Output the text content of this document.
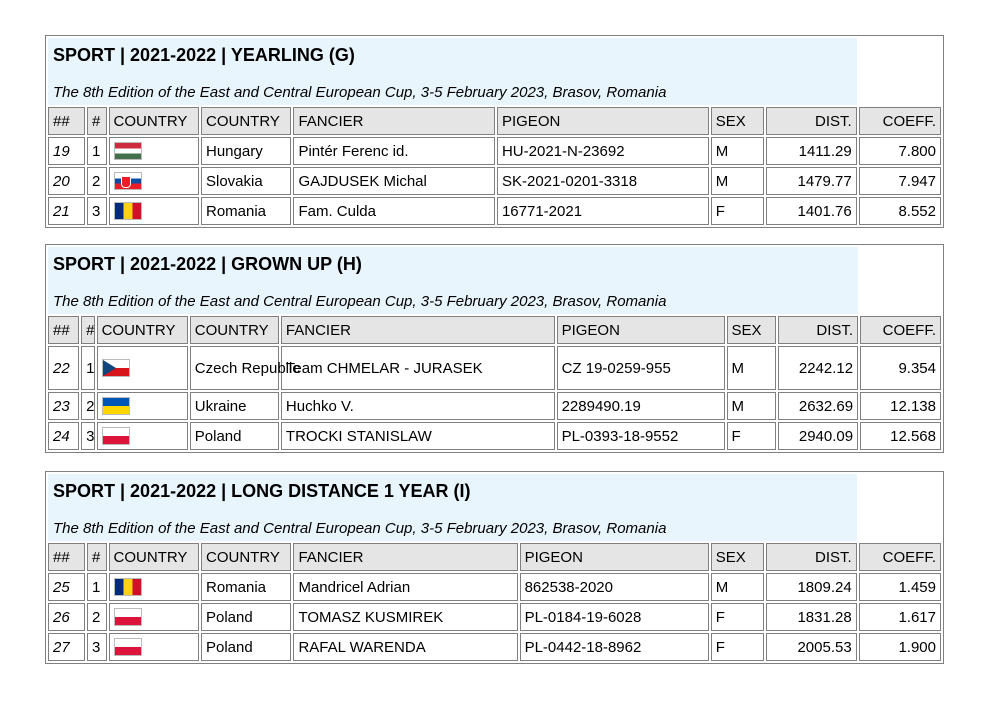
SPORT | 2021-2022 | YEARLING (G)
The 8th Edition of the East and Central European Cup, 3-5 February 2023, Brasov, Romania								

##	#	COUNTRY	COUNTRY	FANCIER	PIGEON	SEX	DIST.	COEFF.
19	1		Hungary	Pintér Ferenc id.	HU-2021-N-23692	M	1411.29	7.800
20	2		Slovakia	GAJDUSEK Michal	SK-2021-0201-3318	M	1479.77	7.947
21	3		Romania	Fam. Culda	16771-2021	F	1401.76	8.552
SPORT | 2021-2022 | GROWN UP (H)
The 8th Edition of the East and Central European Cup, 3-5 February 2023, Brasov, Romania								

##	#	COUNTRY	COUNTRY	FANCIER	PIGEON	SEX	DIST.	COEFF.
22	1		Czech Republic	Team CHMELAR - JURASEK	CZ 19-0259-955	M	2242.12	9.354
23	2		Ukraine	Huchko V.	2289490.19	M	2632.69	12.138
24	3		Poland	TROCKI STANISLAW	PL-0393-18-9552	F	2940.09	12.568
SPORT | 2021-2022 | LONG DISTANCE 1 YEAR (I)
The 8th Edition of the East and Central European Cup, 3-5 February 2023, Brasov, Romania								

##	#	COUNTRY	COUNTRY	FANCIER	PIGEON	SEX	DIST.	COEFF.
25	1		Romania	Mandricel Adrian	862538-2020	M	1809.24	1.459
26	2		Poland	TOMASZ KUSMIREK	PL-0184-19-6028	F	1831.28	1.617
27	3		Poland	RAFAL WARENDA	PL-0442-18-8962	F	2005.53	1.900
